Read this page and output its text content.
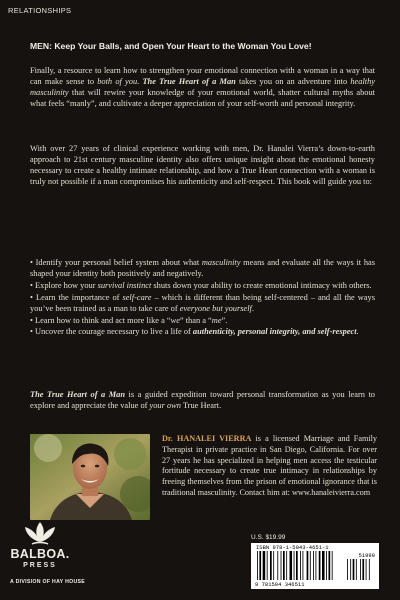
RELATIONSHIPS
MEN: Keep Your Balls, and Open Your Heart to the Woman You Love!
Finally, a resource to learn how to strengthen your emotional connection with a woman in a way that can make sense to both of you. The True Heart of a Man takes you on an adventure into healthy masculinity that will rewire your knowledge of your emotional world, shatter cultural myths about what feels “manly”, and cultivate a deeper appreciation of your self-worth and personal integrity.
With over 27 years of clinical experience working with men, Dr. Hanalei Vierra’s down-to-earth approach to 21st century masculine identity also offers unique insight about the emotional honesty necessary to create a healthy intimate relationship, and how a True Heart connection with a woman is truly not possible if a man compromises his authenticity and self-respect. This book will guide you to:

• Identify your personal belief system about what masculinity means and evaluate all the ways it has shaped your identity both positively and negatively.

• Explore how your survival instinct shuts down your ability to create emotional intimacy with others.

• Learn the importance of self-care – which is different than being self-centered – and all the ways you’ve been trained as a man to take care of everyone but yourself.

• Learn how to think and act more like a “we” than a “me”.

• Uncover the courage necessary to live a life of authenticity, personal integrity, and self-respect.

The True Heart of a Man is a guided expedition toward personal transformation as you learn to explore and appreciate the value of your own True Heart.
Dr. HANALEI VIERRA is a licensed Marriage and Family Therapist in private practice in San Diego, California. For over 27 years he has specialized in helping men access the testicular fortitude necessary to create true intimacy in relationships by freeing themselves from the prison of emotional ignorance that is traditional masculinity. Contact him at: www.hanaleivierra.com
BALBOA.
PRESS
A DIVISION OF HAY HOUSE
U.S. $19.99
ISBN 978-1-5043-4651-1
51999
9 781504 346511
